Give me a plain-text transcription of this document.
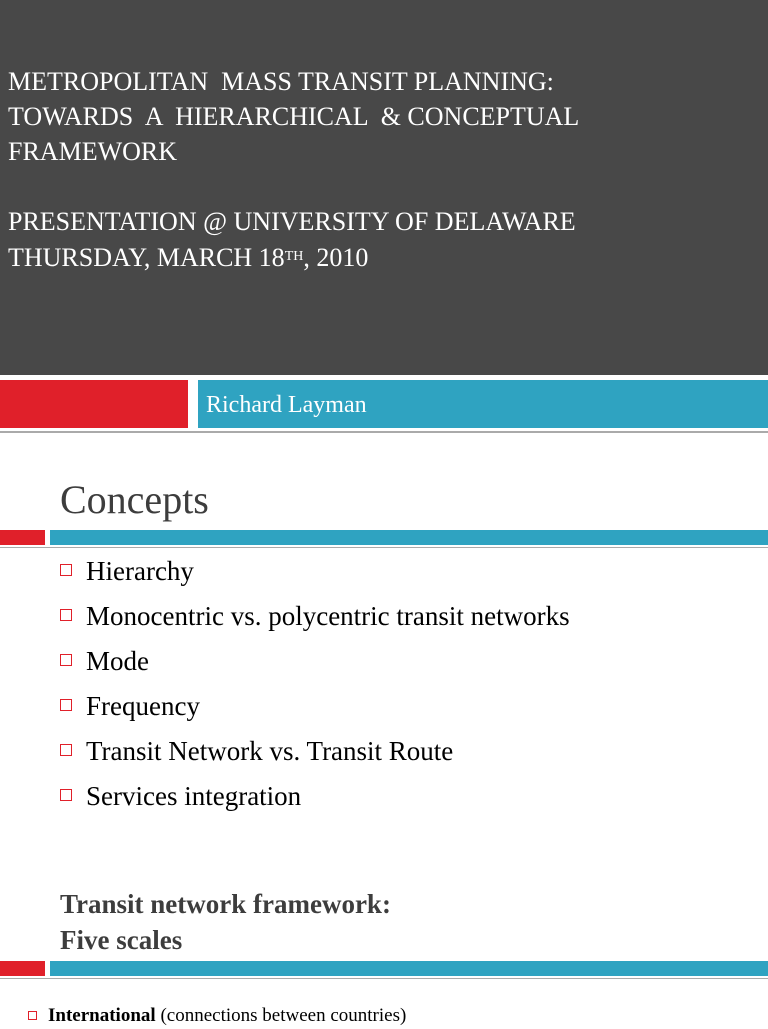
METROPOLITAN  MASS TRANSIT PLANNING:
TOWARDS  A  HIERARCHICAL  & CONCEPTUAL
FRAMEWORK
PRESENTATION @ UNIVERSITY OF DELAWARE
THURSDAY, MARCH 18TH, 2010

Richard Layman

Concepts
Hierarchy
Monocentric vs. polycentric transit networks
Mode
Frequency
Transit Network vs. Transit Route
Services integration
Transit network framework:
Five scales
International (connections between countries)
